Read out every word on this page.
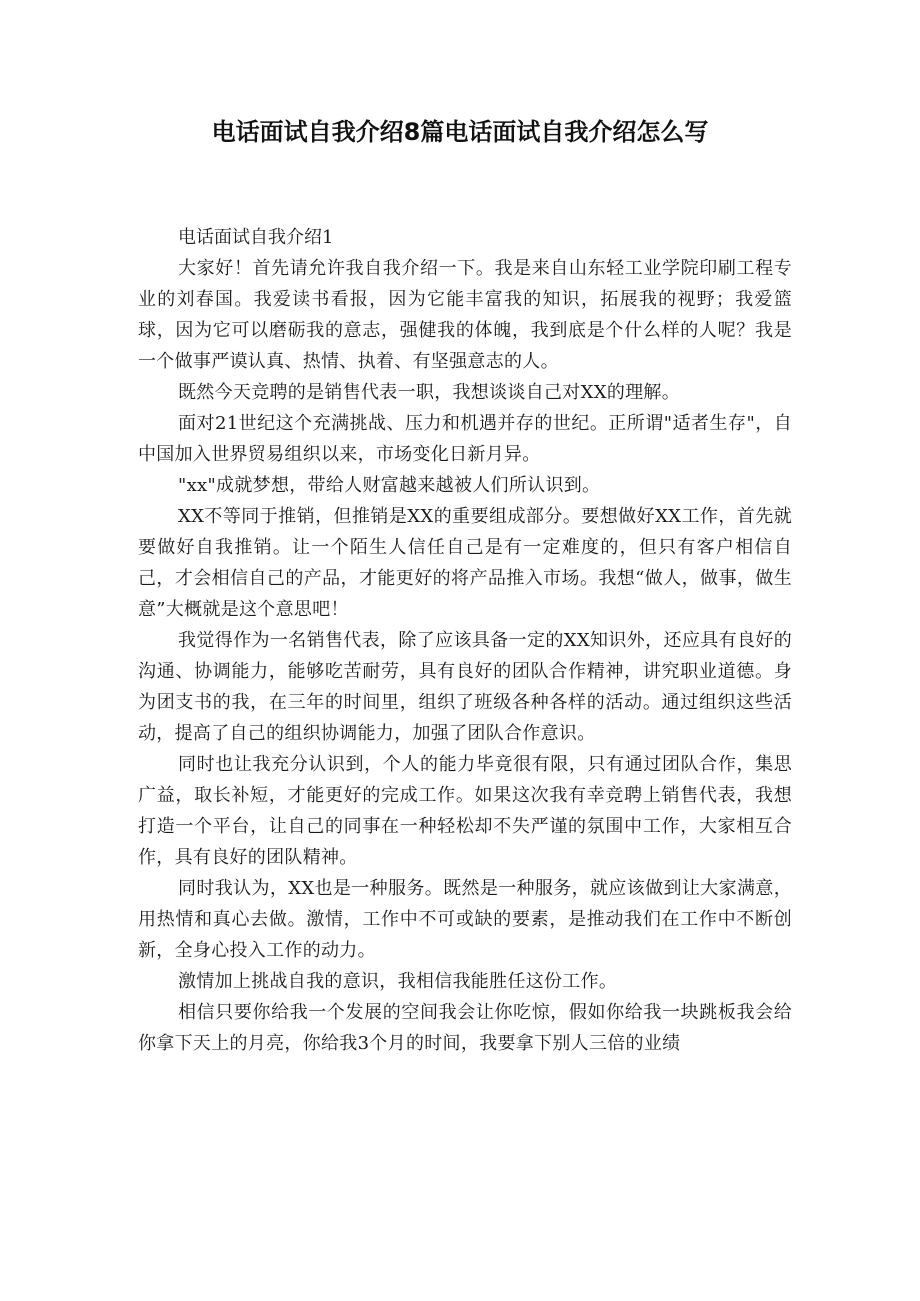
电话面试自我介绍8篇电话面试自我介绍怎么写
电话面试自我介绍1

大家好！首先请允许我自我介绍一下。我是来自山东轻工业学院印刷工程专业的刘春国。我爱读书看报，因为它能丰富我的知识，拓展我的视野；我爱篮球，因为它可以磨砺我的意志，强健我的体魄，我到底是个什么样的人呢？我是一个做事严谟认真、热情、执着、有坚强意志的人。

既然今天竞聘的是销售代表一职，我想谈谈自己对XX的理解。

面对21世纪这个充满挑战、压力和机遇并存的世纪。正所谓"适者生存"，自中国加入世界贸易组织以来，市场变化日新月异。

"xx"成就梦想，带给人财富越来越被人们所认识到。

XX不等同于推销，但推销是XX的重要组成部分。要想做好XX工作，首先就要做好自我推销。让一个陌生人信任自己是有一定难度的，但只有客户相信自己，才会相信自己的产品，才能更好的将产品推入市场。我想“做人，做事，做生意”大概就是这个意思吧！

我觉得作为一名销售代表，除了应该具备一定的XX知识外，还应具有良好的沟通、协调能力，能够吃苦耐劳，具有良好的团队合作精神，讲究职业道德。身为团支书的我，在三年的时间里，组织了班级各种各样的活动。通过组织这些活动，提高了自己的组织协调能力，加强了团队合作意识。

同时也让我充分认识到，个人的能力毕竟很有限，只有通过团队合作，集思广益，取长补短，才能更好的完成工作。如果这次我有幸竞聘上销售代表，我想打造一个平台，让自己的同事在一种轻松却不失严谨的氛围中工作，大家相互合作，具有良好的团队精神。

同时我认为，XX也是一种服务。既然是一种服务，就应该做到让大家满意，用热情和真心去做。激情，工作中不可或缺的要素，是推动我们在工作中不断创新，全身心投入工作的动力。

激情加上挑战自我的意识，我相信我能胜任这份工作。

相信只要你给我一个发展的空间我会让你吃惊，假如你给我一块跳板我会给你拿下天上的月亮，你给我3个月的时间，我要拿下别人三倍的业绩
